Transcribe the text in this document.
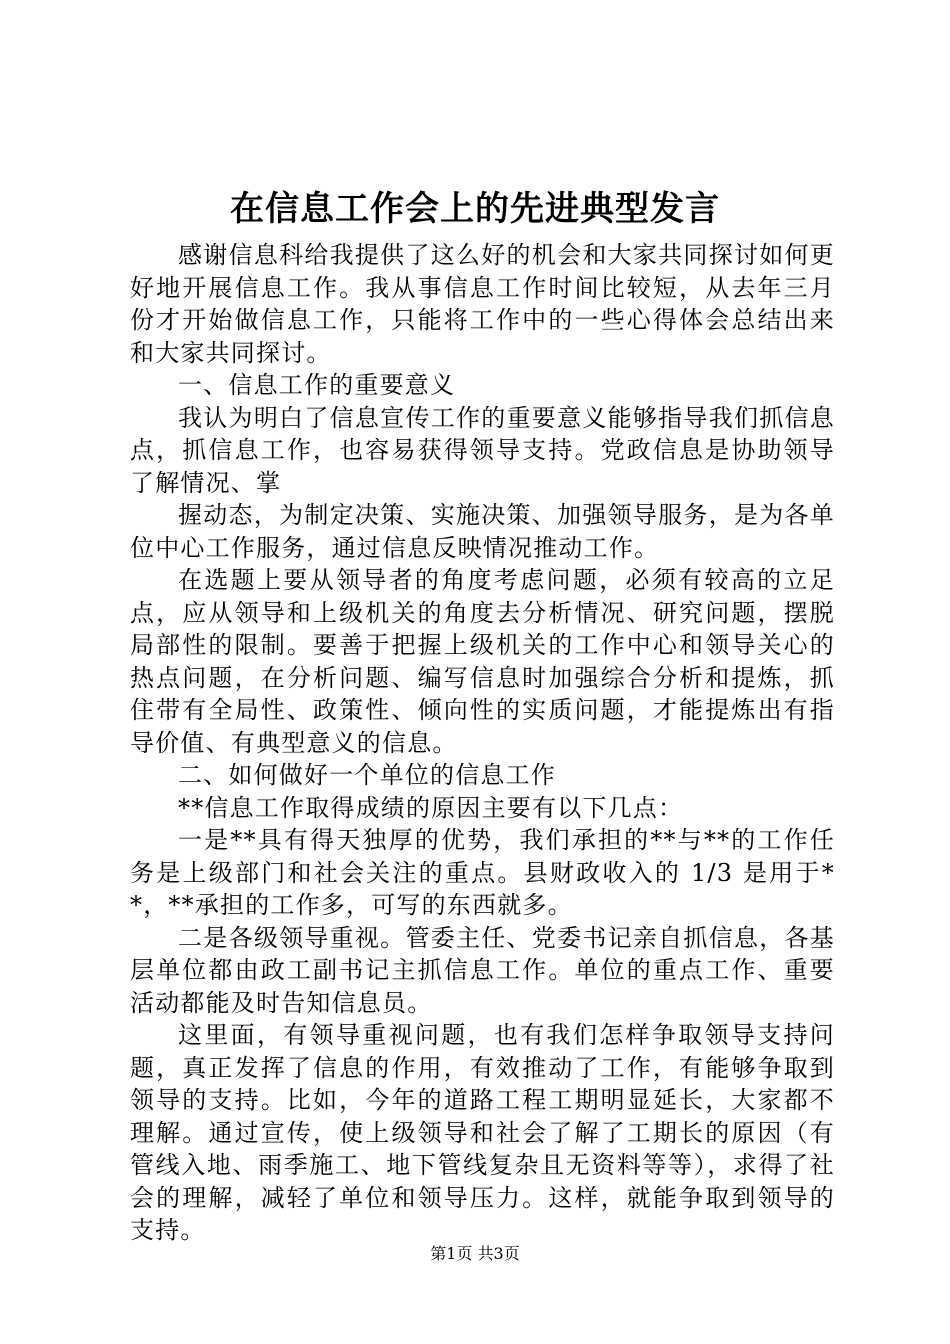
在信息工作会上的先进典型发言

感谢信息科给我提供了这么好的机会和大家共同探讨如何更好地开展信息工作。我从事信息工作时间比较短，从去年三月份才开始做信息工作，只能将工作中的一些心得体会总结出来和大家共同探讨。

一、信息工作的重要意义

我认为明白了信息宣传工作的重要意义能够指导我们抓信息点，抓信息工作，也容易获得领导支持。党政信息是协助领导了解情况、掌

握动态，为制定决策、实施决策、加强领导服务，是为各单位中心工作服务，通过信息反映情况推动工作。

在选题上要从领导者的角度考虑问题，必须有较高的立足点，应从领导和上级机关的角度去分析情况、研究问题，摆脱局部性的限制。要善于把握上级机关的工作中心和领导关心的热点问题，在分析问题、编写信息时加强综合分析和提炼，抓住带有全局性、政策性、倾向性的实质问题，才能提炼出有指导价值、有典型意义的信息。

二、如何做好一个单位的信息工作

**信息工作取得成绩的原因主要有以下几点：

一是**具有得天独厚的优势，我们承担的**与**的工作任务是上级部门和社会关注的重点。县财政收入的 1/3 是用于**，**承担的工作多，可写的东西就多。

二是各级领导重视。管委主任、党委书记亲自抓信息，各基层单位都由政工副书记主抓信息工作。单位的重点工作、重要活动都能及时告知信息员。

这里面，有领导重视问题，也有我们怎样争取领导支持问题，真正发挥了信息的作用，有效推动了工作，有能够争取到领导的支持。比如，今年的道路工程工期明显延长，大家都不理解。通过宣传，使上级领导和社会了解了工期长的原因（有管线入地、雨季施工、地下管线复杂且无资料等等），求得了社会的理解，减轻了单位和领导压力。这样，就能争取到领导的支持。

第1页 共3页
